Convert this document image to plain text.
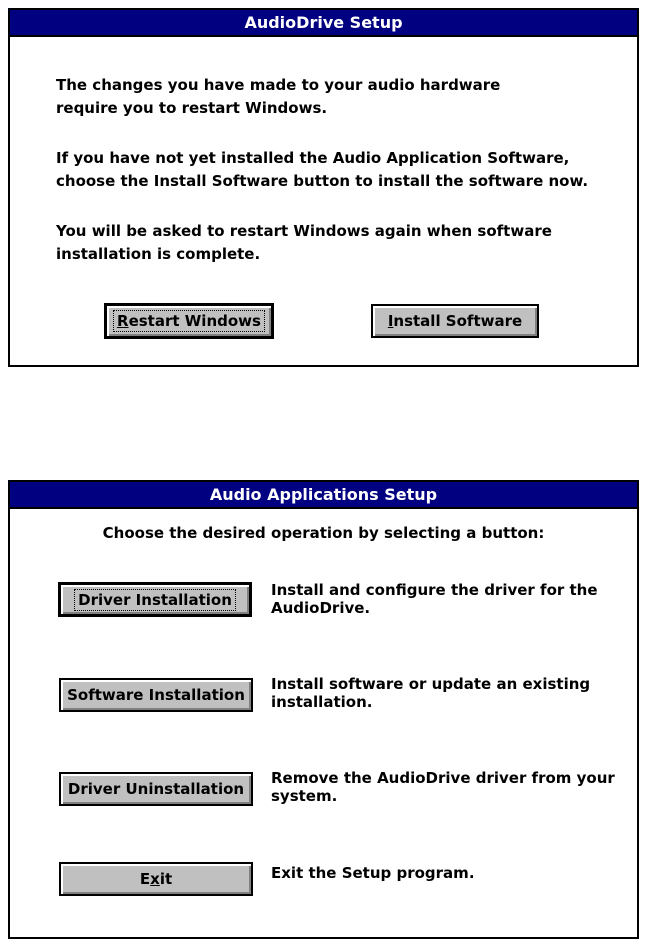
AudioDrive Setup
The changes you have made to your audio hardware
require you to restart Windows.
If you have not yet installed the Audio Application Software,
choose the Install Software button to install the software now.
You will be asked to restart Windows again when software
installation is complete.
Restart Windows	I nstall Software
Audio Applications Setup
Choose the desired operation by selecting a button:
Driver Installation
Install and configure the driver for the
AudioDrive.
Software Installation
Install software or update an existing
installation.
Driver Uninstallation
Remove the AudioDrive driver from your
system.
E x it	Exit the Setup program.
